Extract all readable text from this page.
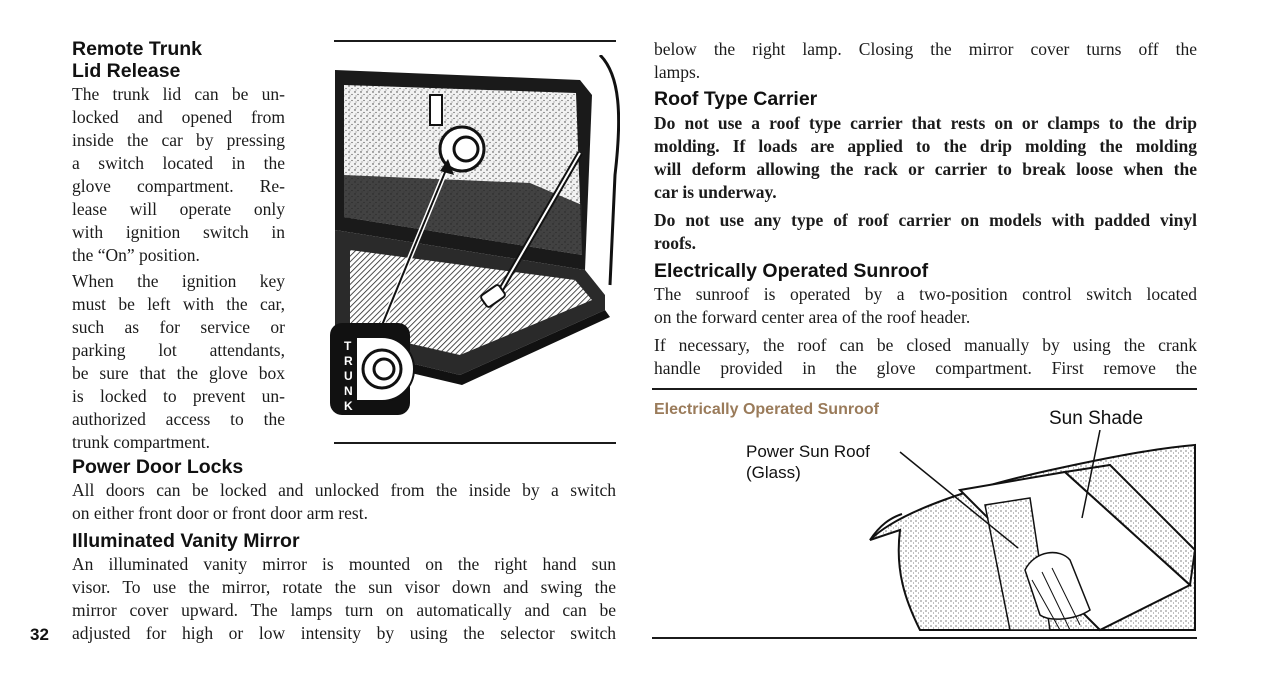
Remote Trunk
Lid Release
The trunk lid can be un-
locked and opened from
inside the car by pressing
a switch located in the
glove compartment. Re-
lease will operate only
with ignition switch in
the “On” position.
When the ignition key
must be left with the car,
such as for service or
parking lot attendants,
be sure that the glove box
is locked to prevent un-
authorized access to the
trunk compartment.
T
R
U
N
K
Power Door Locks
All doors can be locked and unlocked from the inside by a switch
on either front door or front door arm rest.
Illuminated Vanity Mirror
An illuminated vanity mirror is mounted on the right hand sun
visor. To use the mirror, rotate the sun visor down and swing the
mirror cover upward. The lamps turn on automatically and can be
adjusted for high or low intensity by using the selector switch
32
below the right lamp. Closing the mirror cover turns off the
lamps.
Roof Type Carrier
Do not use a roof type carrier that rests on or clamps to the drip
molding. If loads are applied to the drip molding the molding
will deform allowing the rack or carrier to break loose when the
car is underway.
Do not use any type of roof carrier on models with padded vinyl
roofs.
Electrically Operated Sunroof
The sunroof is operated by a two-position control switch located
on the forward center area of the roof header.
If necessary, the roof can be closed manually by using the crank
handle provided in the glove compartment. First remove the
Electrically Operated Sunroof	Sun Shade
Power Sun Roof
(Glass)
